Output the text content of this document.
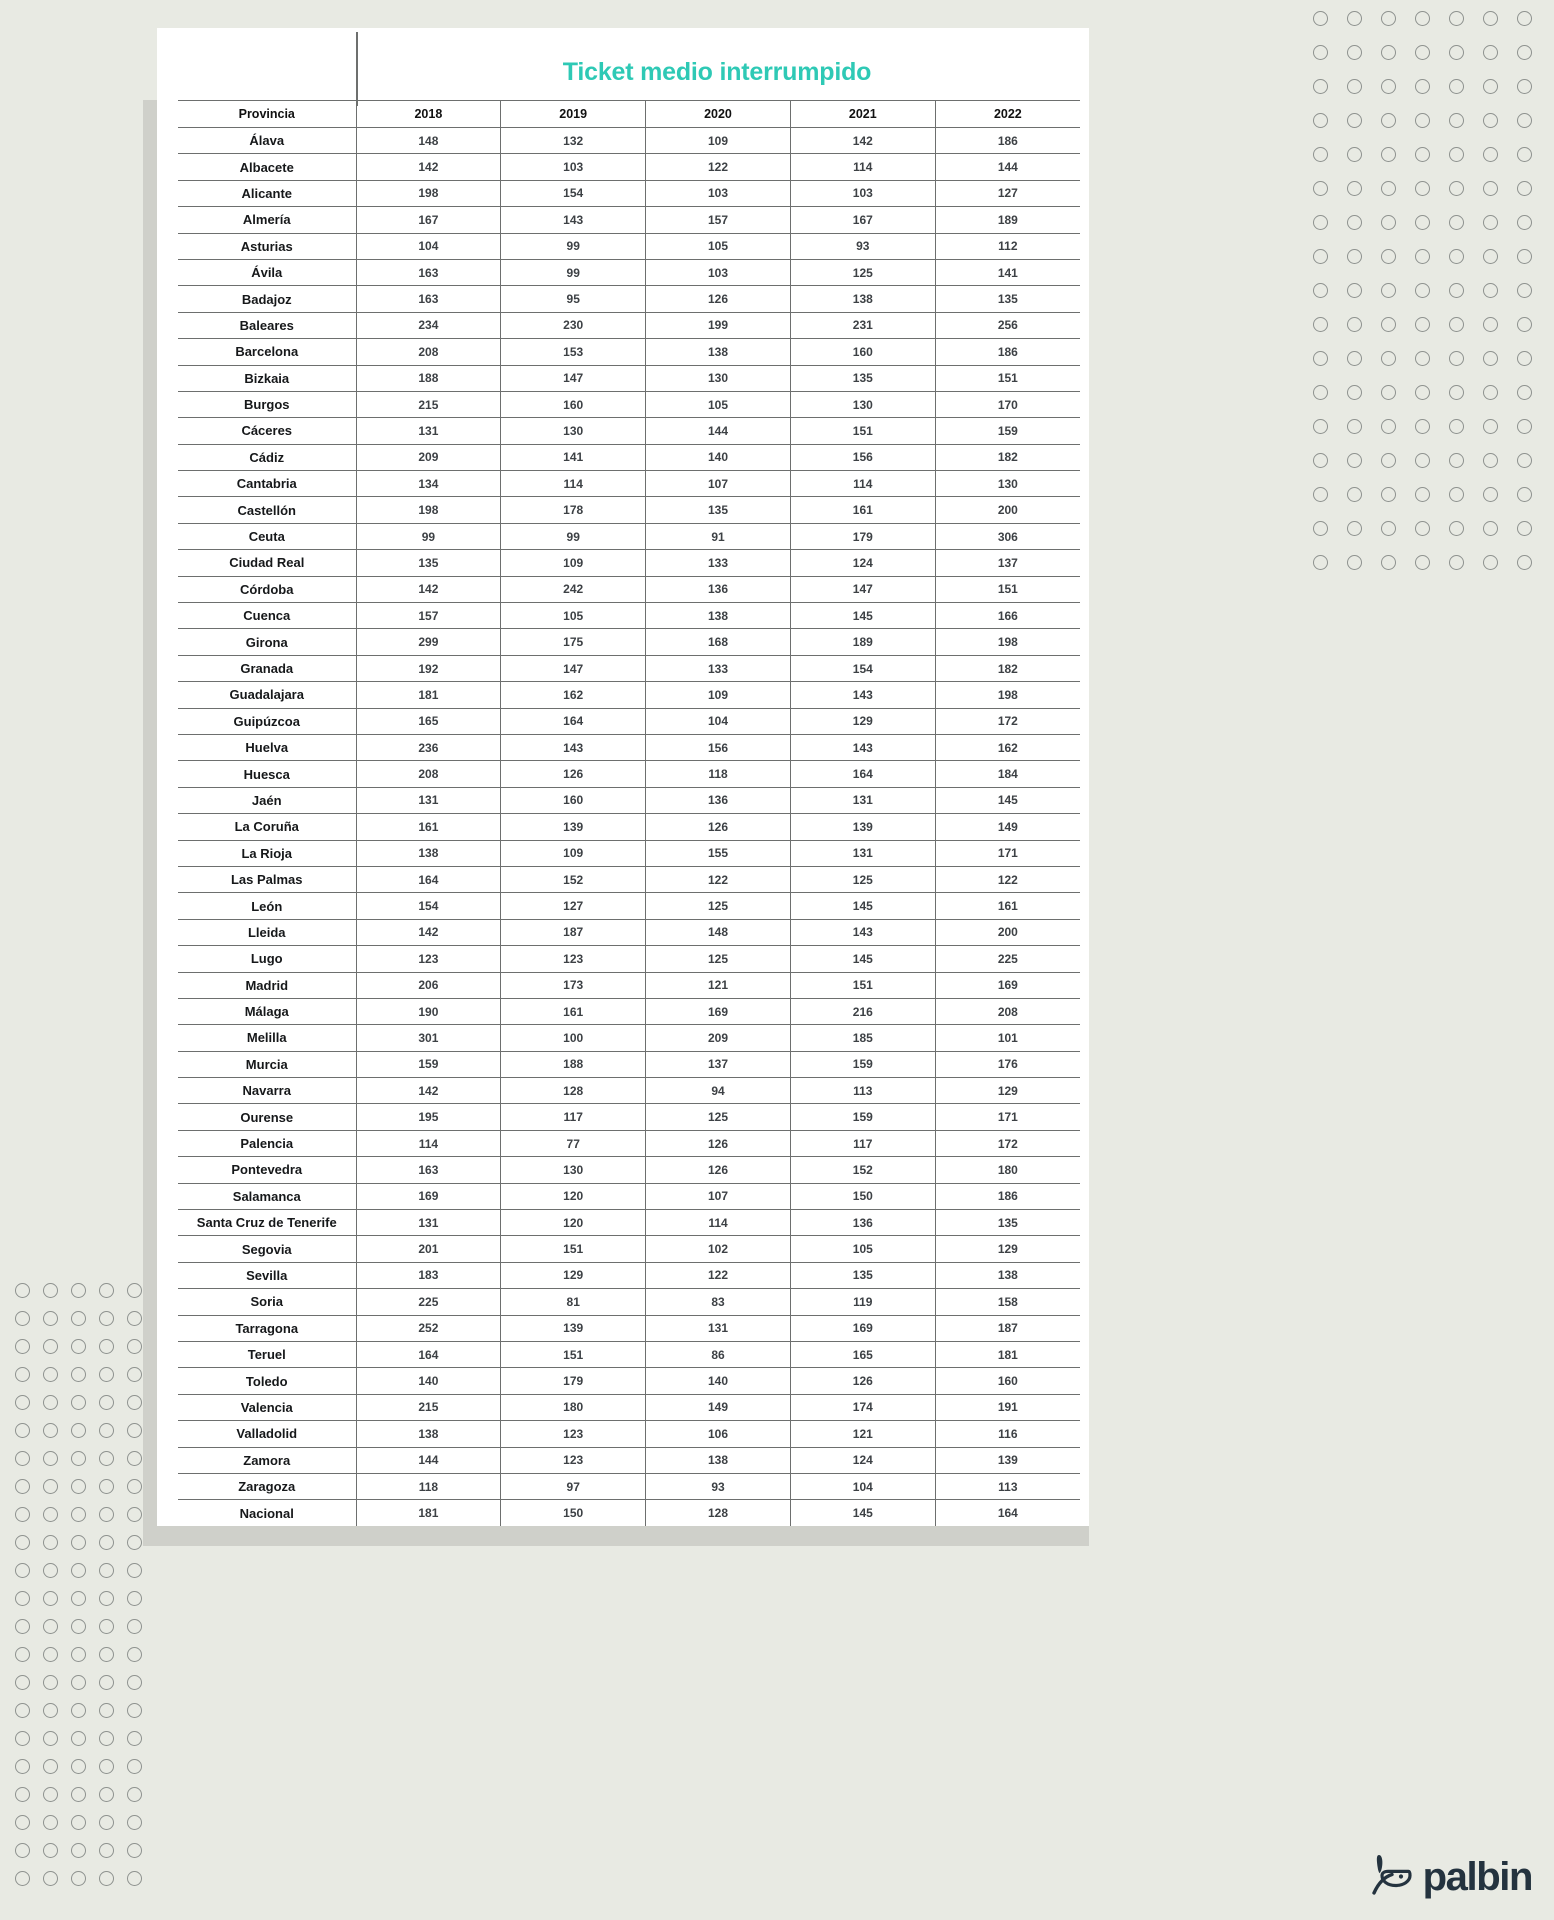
Ticket medio interrumpido
Provincia	2018	2019	2020	2021	2022
Álava	148	132	109	142	186
Albacete	142	103	122	114	144
Alicante	198	154	103	103	127
Almería	167	143	157	167	189
Asturias	104	99	105	93	112
Ávila	163	99	103	125	141
Badajoz	163	95	126	138	135
Baleares	234	230	199	231	256
Barcelona	208	153	138	160	186
Bizkaia	188	147	130	135	151
Burgos	215	160	105	130	170
Cáceres	131	130	144	151	159
Cádiz	209	141	140	156	182
Cantabria	134	114	107	114	130
Castellón	198	178	135	161	200
Ceuta	99	99	91	179	306
Ciudad Real	135	109	133	124	137
Córdoba	142	242	136	147	151
Cuenca	157	105	138	145	166
Girona	299	175	168	189	198
Granada	192	147	133	154	182
Guadalajara	181	162	109	143	198
Guipúzcoa	165	164	104	129	172
Huelva	236	143	156	143	162
Huesca	208	126	118	164	184
Jaén	131	160	136	131	145
La Coruña	161	139	126	139	149
La Rioja	138	109	155	131	171
Las Palmas	164	152	122	125	122
León	154	127	125	145	161
Lleida	142	187	148	143	200
Lugo	123	123	125	145	225
Madrid	206	173	121	151	169
Málaga	190	161	169	216	208
Melilla	301	100	209	185	101
Murcia	159	188	137	159	176
Navarra	142	128	94	113	129
Ourense	195	117	125	159	171
Palencia	114	77	126	117	172
Pontevedra	163	130	126	152	180
Salamanca	169	120	107	150	186
Santa Cruz de Tenerife	131	120	114	136	135
Segovia	201	151	102	105	129
Sevilla	183	129	122	135	138
Soria	225	81	83	119	158
Tarragona	252	139	131	169	187
Teruel	164	151	86	165	181
Toledo	140	179	140	126	160
Valencia	215	180	149	174	191
Valladolid	138	123	106	121	116
Zamora	144	123	138	124	139
Zaragoza	118	97	93	104	113
Nacional	181	150	128	145	164
palbin
